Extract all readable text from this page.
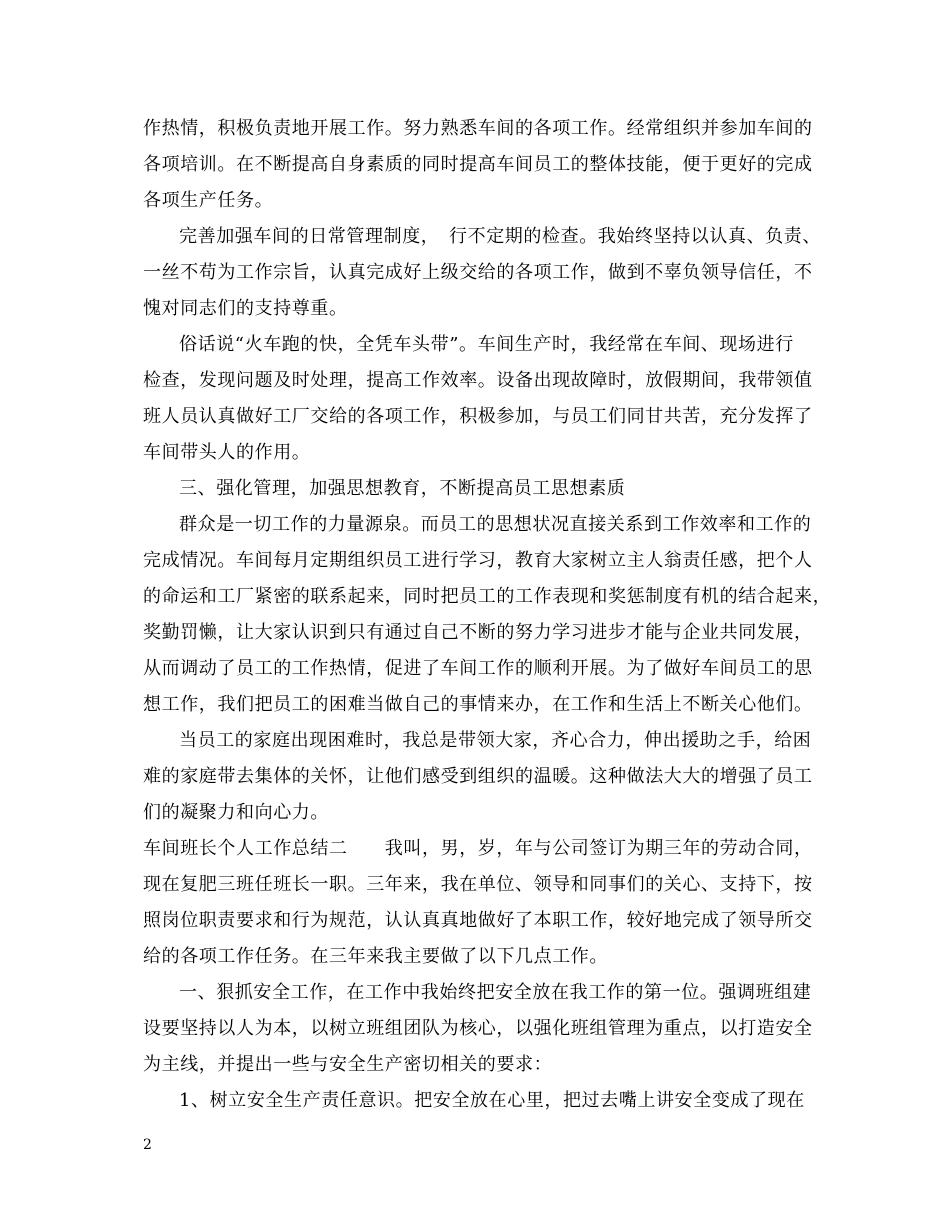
作热情，积极负责地开展工作。努力熟悉车间的各项工作。经常组织并参加车间的
各项培训。在不断提高自身素质的同时提高车间员工的整体技能，便于更好的完成
各项生产任务。
完善加强车间的日常管理制度，　行不定期的检查。我始终坚持以认真、负责、
一丝不苟为工作宗旨，认真完成好上级交给的各项工作，做到不辜负领导信任，不
愧对同志们的支持尊重。
俗话说“火车跑的快，全凭车头带”。车间生产时，我经常在车间、现场进行
检查，发现问题及时处理，提高工作效率。设备出现故障时，放假期间，我带领值
班人员认真做好工厂交给的各项工作，积极参加，与员工们同甘共苦，充分发挥了
车间带头人的作用。
三、强化管理，加强思想教育，不断提高员工思想素质
群众是一切工作的力量源泉。而员工的思想状况直接关系到工作效率和工作的
完成情况。车间每月定期组织员工进行学习，教育大家树立主人翁责任感，把个人
的命运和工厂紧密的联系起来，同时把员工的工作表现和奖惩制度有机的结合起来，
奖勤罚懒，让大家认识到只有通过自己不断的努力学习进步才能与企业共同发展，
从而调动了员工的工作热情，促进了车间工作的顺利开展。为了做好车间员工的思
想工作，我们把员工的困难当做自己的事情来办，在工作和生活上不断关心他们。
当员工的家庭出现困难时，我总是带领大家，齐心合力，伸出援助之手，给困
难的家庭带去集体的关怀，让他们感受到组织的温暖。这种做法大大的增强了员工
们的凝聚力和向心力。
车间班长个人工作总结二　　我叫，男，岁，年与公司签订为期三年的劳动合同，
现在复肥三班任班长一职。三年来，我在单位、领导和同事们的关心、支持下，按
照岗位职责要求和行为规范，认认真真地做好了本职工作，较好地完成了领导所交
给的各项工作任务。在三年来我主要做了以下几点工作。
一、狠抓安全工作，在工作中我始终把安全放在我工作的第一位。强调班组建
设要坚持以人为本，以树立班组团队为核心，以强化班组管理为重点，以打造安全
为主线，并提出一些与安全生产密切相关的要求：
1、树立安全生产责任意识。把安全放在心里，把过去嘴上讲安全变成了现在
2
